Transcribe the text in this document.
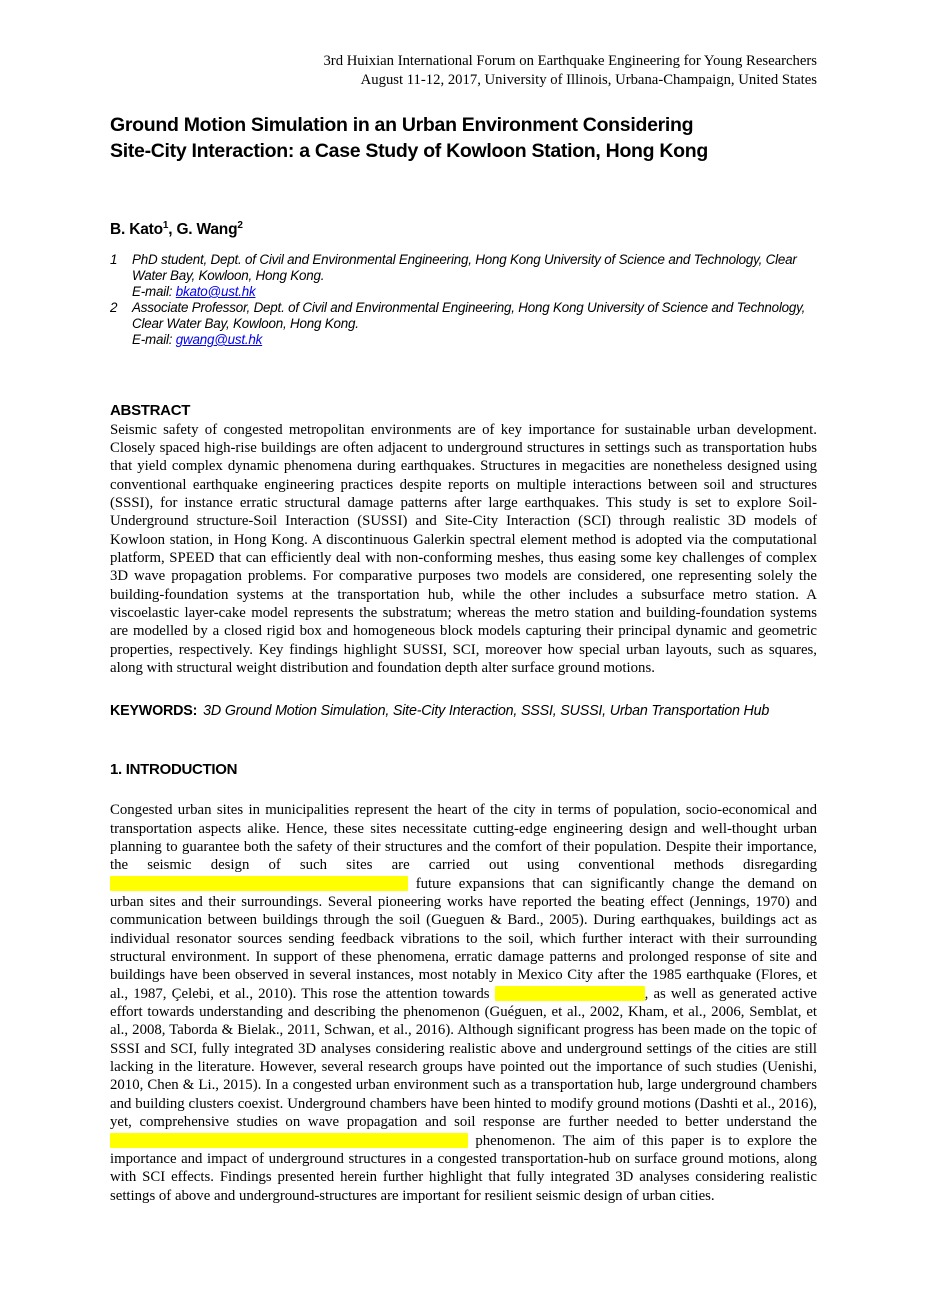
3rd Huixian International Forum on Earthquake Engineering for Young Researchers
August 11-12, 2017, University of Illinois, Urbana-Champaign, United States
Ground Motion Simulation in an Urban Environment Considering
Site-City Interaction: a Case Study of Kowloon Station, Hong Kong
B. Kato$^1$, G. Wang$^2$
1	PhD student, Dept. of Civil and Environmental Engineering, Hong Kong University of Science and Technology, Clear Water Bay, Kowloon, Hong Kong.
E-mail: bkato@ust.hk
2	Associate Professor, Dept. of Civil and Environmental Engineering, Hong Kong University of Science and Technology, Clear Water Bay, Kowloon, Hong Kong.
E-mail: gwang@ust.hk
ABSTRACT

Seismic safety of congested metropolitan environments are of key importance for sustainable urban development. Closely spaced high-rise buildings are often adjacent to underground structures in settings such as transportation hubs that yield complex dynamic phenomena during earthquakes. Structures in megacities are nonetheless designed using conventional earthquake engineering practices despite reports on multiple interactions between soil and structures (SSSI), for instance erratic structural damage patterns after large earthquakes. This study is set to explore Soil-Underground structure-Soil Interaction (SUSSI) and Site-City Interaction (SCI) through realistic 3D models of Kowloon station, in Hong Kong. A discontinuous Galerkin spectral element method is adopted via the computational platform, SPEED that can efficiently deal with non-conforming meshes, thus easing some key challenges of complex 3D wave propagation problems. For comparative purposes two models are considered, one representing solely the building-foundation systems at the transportation hub, while the other includes a subsurface metro station. A viscoelastic layer-cake model represents the substratum; whereas the metro station and building-foundation systems are modelled by a closed rigid box and homogeneous block models capturing their principal dynamic and geometric properties, respectively. Key findings highlight SUSSI, SCI, moreover how special urban layouts, such as squares, along with structural weight distribution and foundation depth alter surface ground motions.

KEYWORDS: 3D Ground Motion Simulation, Site-City Interaction, SSSI, SUSSI, Urban Transportation Hub

1. INTRODUCTION

Congested urban sites in municipalities represent the heart of the city in terms of population, socio-economical and transportation aspects alike. Hence, these sites necessitate cutting-edge engineering design and well-thought urban planning to guarantee both the safety of their structures and the comfort of their population. Despite their importance, the seismic design of such sites are carried out using conventional methods disregarding  future expansions that can significantly change the demand on urban sites and their surroundings. Several pioneering works have reported the beating effect (Jennings, 1970) and communication between buildings through the soil (Gueguen & Bard., 2005). During earthquakes, buildings act as individual resonator sources sending feedback vibrations to the soil, which further interact with their surrounding structural environment. In support of these phenomena, erratic damage patterns and prolonged response of site and buildings have been observed in several instances, most notably in Mexico City after the 1985 earthquake (Flores, et al., 1987, Çelebi, et al., 2010). This rose the attention towards	, as well as generated active effort towards understanding and describing the phenomenon (Guéguen, et al., 2002, Kham, et al., 2006, Semblat, et al., 2008, Taborda & Bielak., 2011, Schwan, et al., 2016). Although significant progress has been made on the topic of SSSI and SCI, fully integrated 3D analyses considering realistic above and underground settings of the cities are still lacking in the literature. However, several research groups have pointed out the importance of such studies (Uenishi, 2010, Chen & Li., 2015). In a congested urban environment such as a transportation hub, large underground chambers and building clusters coexist. Underground chambers have been hinted to modify ground motions (Dashti et al., 2016), yet, comprehensive studies on wave propagation and soil response are further needed to better understand the  phenomenon. The aim of this paper is to explore the importance and impact of underground structures in a congested transportation-hub on surface ground motions, along with SCI effects. Findings presented herein further highlight that fully integrated 3D analyses considering realistic settings of above and underground-structures are important for resilient seismic design of urban cities.
